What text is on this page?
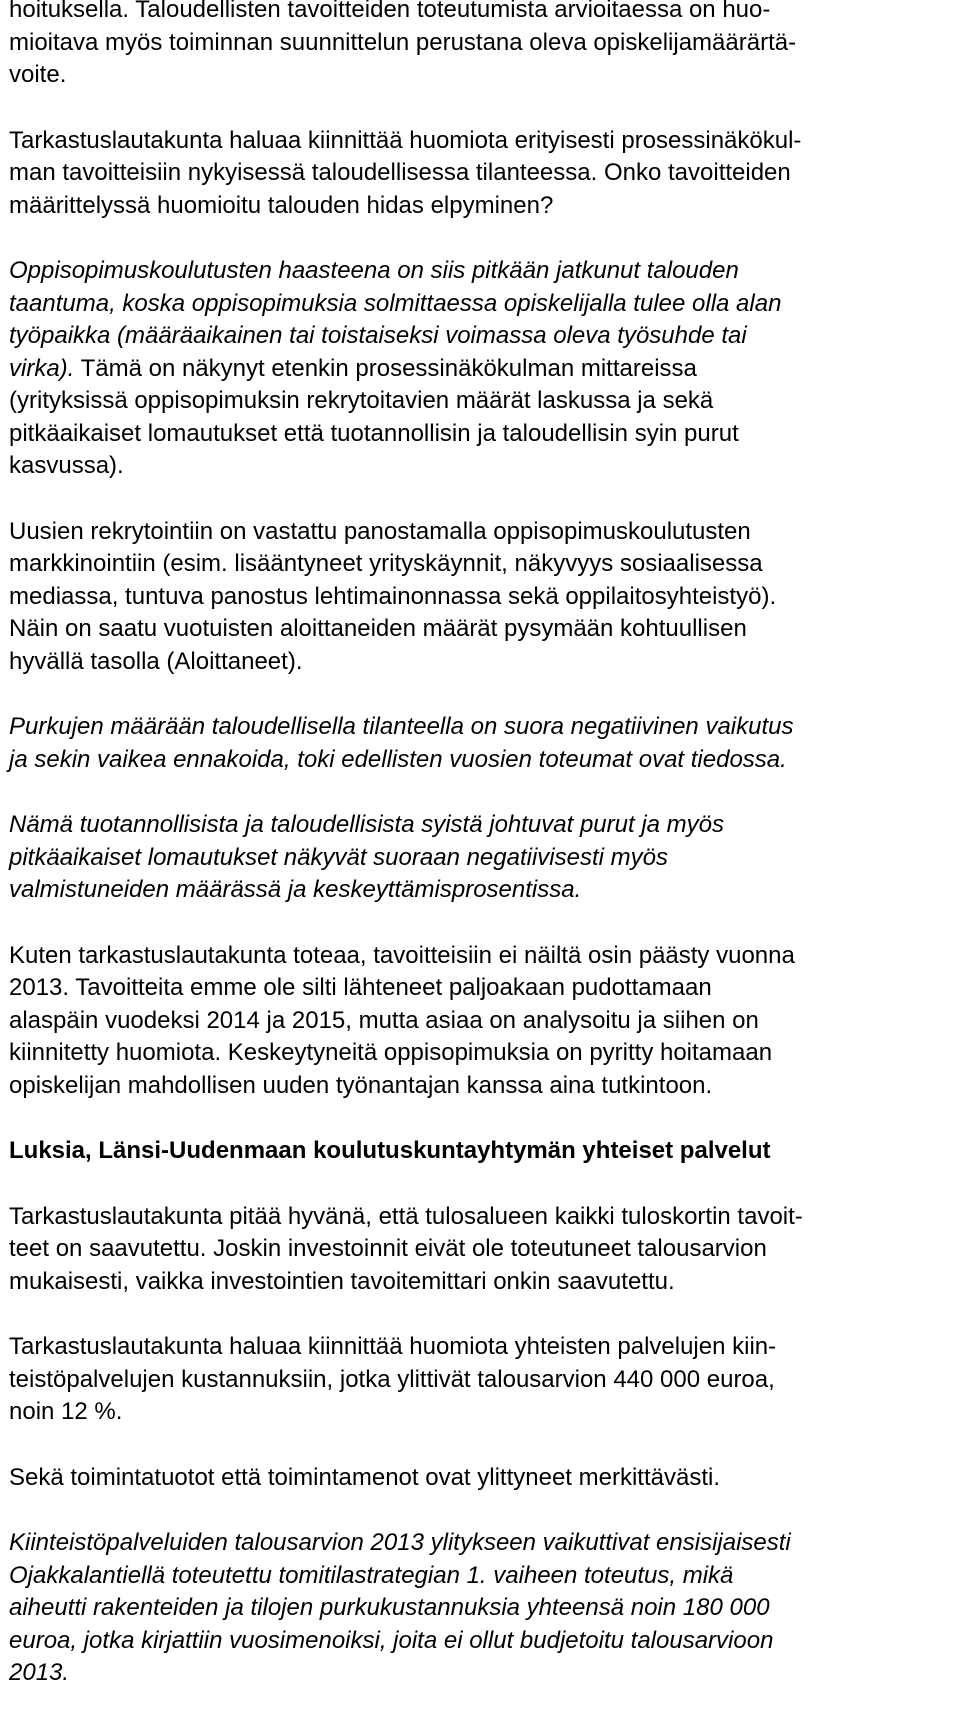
hoituksella. Taloudellisten tavoitteiden toteutumista arvioitaessa on huo-
mioitava myös toiminnan suunnittelun perustana oleva opiskelijamäärärtä-
voite.

Tarkastuslautakunta haluaa kiinnittää huomiota erityisesti prosessinäkökul-
man tavoitteisiin nykyisessä taloudellisessa tilanteessa. Onko tavoitteiden
määrittelyssä huomioitu talouden hidas elpyminen?

Oppisopimuskoulutusten haasteena on siis pitkään jatkunut talouden
taantuma, koska oppisopimuksia solmittaessa opiskelijalla tulee olla alan
työpaikka (määräaikainen tai toistaiseksi voimassa oleva työsuhde tai
virka). Tämä on näkynyt etenkin prosessinäkökulman mittareissa
(yrityksissä oppisopimuksin rekrytoitavien määrät laskussa ja sekä
pitkäaikaiset lomautukset että tuotannollisin ja taloudellisin syin purut
kasvussa).

Uusien rekrytointiin on vastattu panostamalla oppisopimuskoulutusten
markkinointiin (esim. lisääntyneet yrityskäynnit, näkyvyys sosiaalisessa
mediassa, tuntuva panostus lehtimainonnassa sekä oppilaitosyhteistyö).
Näin on saatu vuotuisten aloittaneiden määrät pysymään kohtuullisen
hyvällä tasolla (Aloittaneet).

Purkujen määrään taloudellisella tilanteella on suora negatiivinen vaikutus
ja sekin vaikea ennakoida, toki edellisten vuosien toteumat ovat tiedossa.

Nämä tuotannollisista ja taloudellisista syistä johtuvat purut ja myös
pitkäaikaiset lomautukset näkyvät suoraan negatiivisesti myös
valmistuneiden määrässä ja keskeyttämisprosentissa.

Kuten tarkastuslautakunta toteaa, tavoitteisiin ei näiltä osin päästy vuonna
2013. Tavoitteita emme ole silti lähteneet paljoakaan pudottamaan
alaspäin vuodeksi 2014 ja 2015, mutta asiaa on analysoitu ja siihen on
kiinnitetty huomiota. Keskeytyneitä oppisopimuksia on pyritty hoitamaan
opiskelijan mahdollisen uuden työnantajan kanssa aina tutkintoon.

Luksia, Länsi-Uudenmaan koulutuskuntayhtymän yhteiset palvelut

Tarkastuslautakunta pitää hyvänä, että tulosalueen kaikki tuloskortin tavoit-
teet on saavutettu. Joskin investoinnit eivät ole toteutuneet talousarvion
mukaisesti, vaikka investointien tavoitemittari onkin saavutettu.

Tarkastuslautakunta haluaa kiinnittää huomiota yhteisten palvelujen kiin-
teistöpalvelujen kustannuksiin, jotka ylittivät talousarvion 440 000 euroa,
noin 12 %.

Sekä toimintatuotot että toimintamenot ovat ylittyneet merkittävästi.

Kiinteistöpalveluiden talousarvion 2013 ylitykseen vaikuttivat ensisijaisesti
Ojakkalantiellä toteutettu tomitilastrategian 1. vaiheen toteutus, mikä
aiheutti rakenteiden ja tilojen purkukustannuksia yhteensä noin 180 000
euroa, jotka kirjattiin vuosimenoiksi, joita ei ollut budjetoitu talousarvioon
2013.
